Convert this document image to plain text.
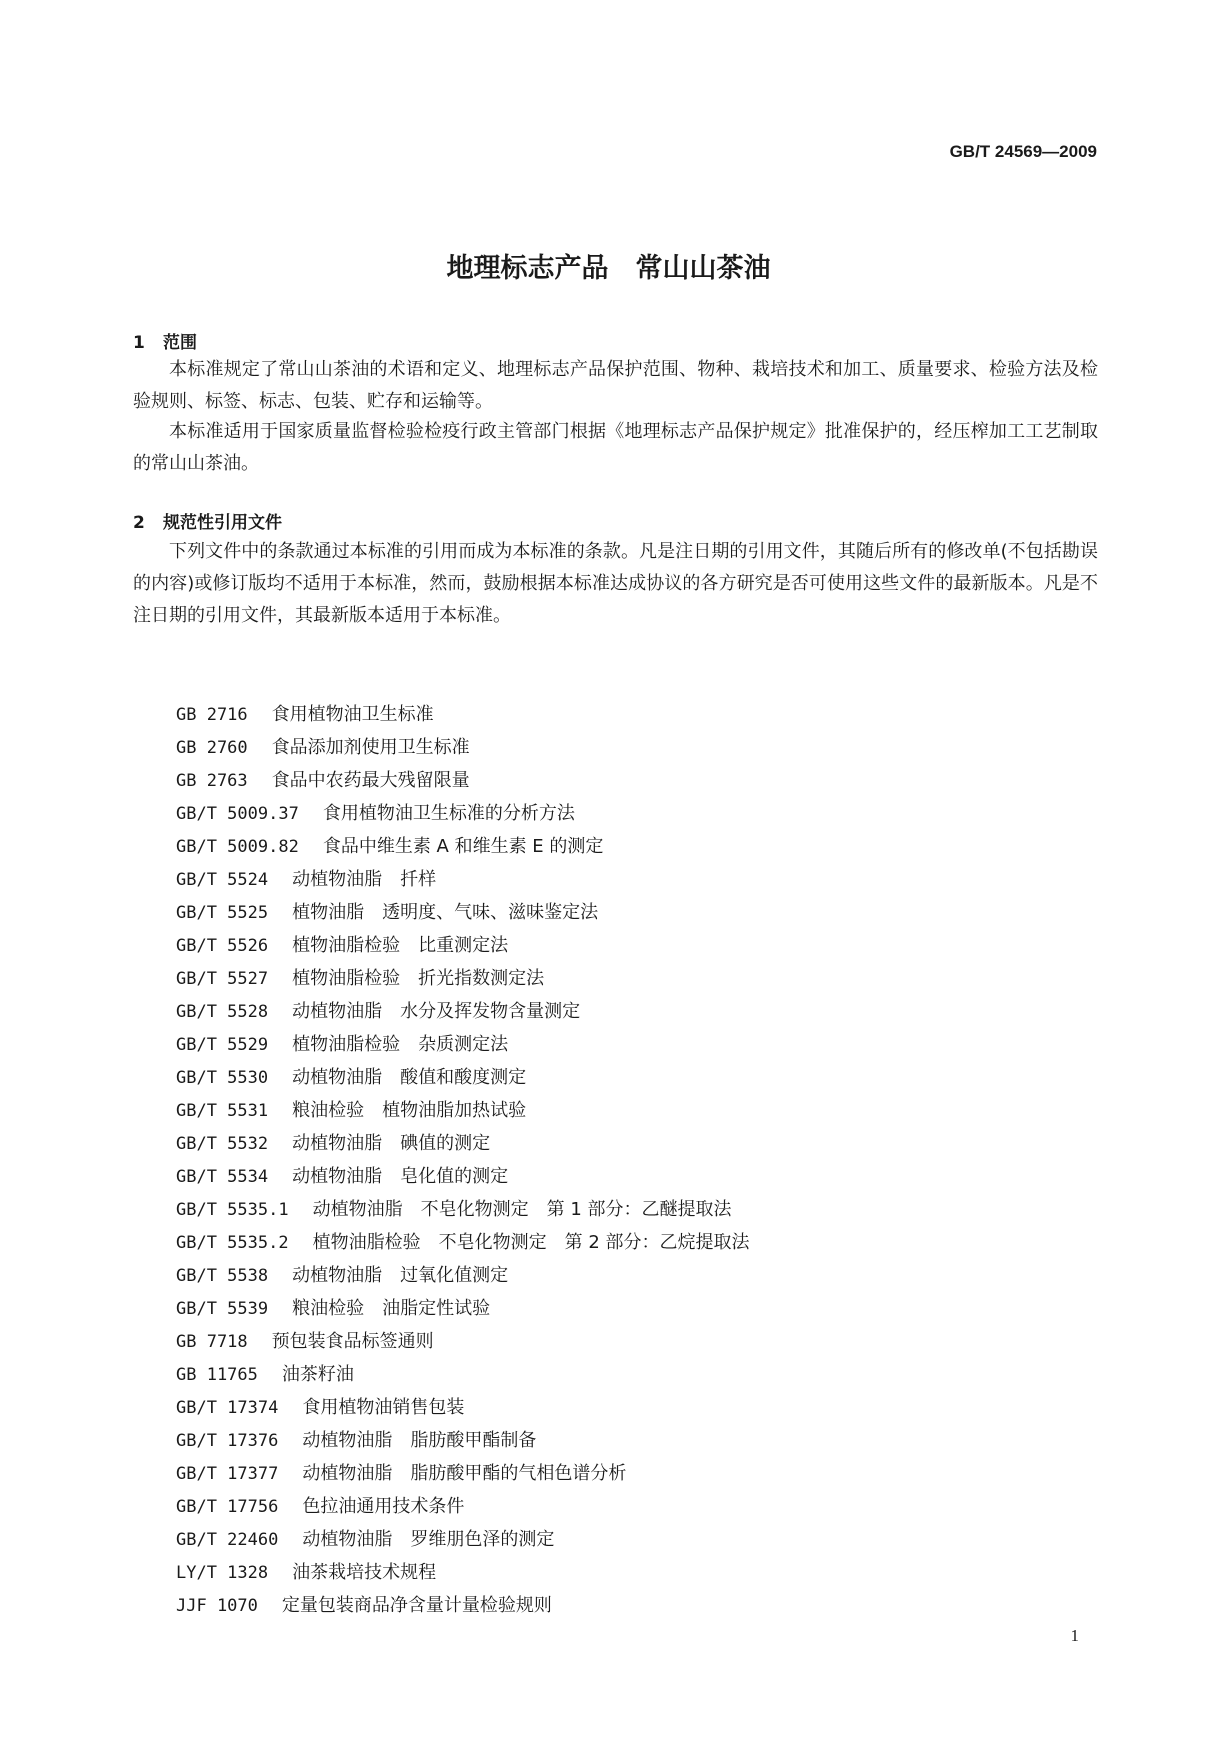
GB/T 24569—2009
地理标志产品　常山山茶油
1 范围

本标准规定了常山山茶油的术语和定义、地理标志产品保护范围、物种、栽培技术和加工、质量要求、检验方法及检验规则、标签、标志、包装、贮存和运输等。

本标准适用于国家质量监督检验检疫行政主管部门根据《地理标志产品保护规定》批准保护的，经压榨加工工艺制取的常山山茶油。

2 规范性引用文件

下列文件中的条款通过本标准的引用而成为本标准的条款。凡是注日期的引用文件，其随后所有的修改单(不包括勘误的内容)或修订版均不适用于本标准，然而，鼓励根据本标准达成协议的各方研究是否可使用这些文件的最新版本。凡是不注日期的引用文件，其最新版本适用于本标准。

GB 2716 食用植物油卫生标准
GB 2760 食品添加剂使用卫生标准
GB 2763 食品中农药最大残留限量
GB/T 5009.37 食用植物油卫生标准的分析方法
GB/T 5009.82 食品中维生素 A 和维生素 E 的测定
GB/T 5524 动植物油脂　扦样
GB/T 5525 植物油脂　透明度、气味、滋味鉴定法
GB/T 5526 植物油脂检验　比重测定法
GB/T 5527 植物油脂检验　折光指数测定法
GB/T 5528 动植物油脂　水分及挥发物含量测定
GB/T 5529 植物油脂检验　杂质测定法
GB/T 5530 动植物油脂　酸值和酸度测定
GB/T 5531 粮油检验　植物油脂加热试验
GB/T 5532 动植物油脂　碘值的测定
GB/T 5534 动植物油脂　皂化值的测定
GB/T 5535.1 动植物油脂　不皂化物测定　第 1 部分：乙醚提取法
GB/T 5535.2 植物油脂检验　不皂化物测定　第 2 部分：乙烷提取法
GB/T 5538 动植物油脂　过氧化值测定
GB/T 5539 粮油检验　油脂定性试验
GB 7718 预包装食品标签通则
GB 11765 油茶籽油
GB/T 17374 食用植物油销售包装
GB/T 17376 动植物油脂　脂肪酸甲酯制备
GB/T 17377 动植物油脂　脂肪酸甲酯的气相色谱分析
GB/T 17756 色拉油通用技术条件
GB/T 22460 动植物油脂　罗维朋色泽的测定
LY/T 1328 油茶栽培技术规程
JJF 1070 定量包装商品净含量计量检验规则
1
